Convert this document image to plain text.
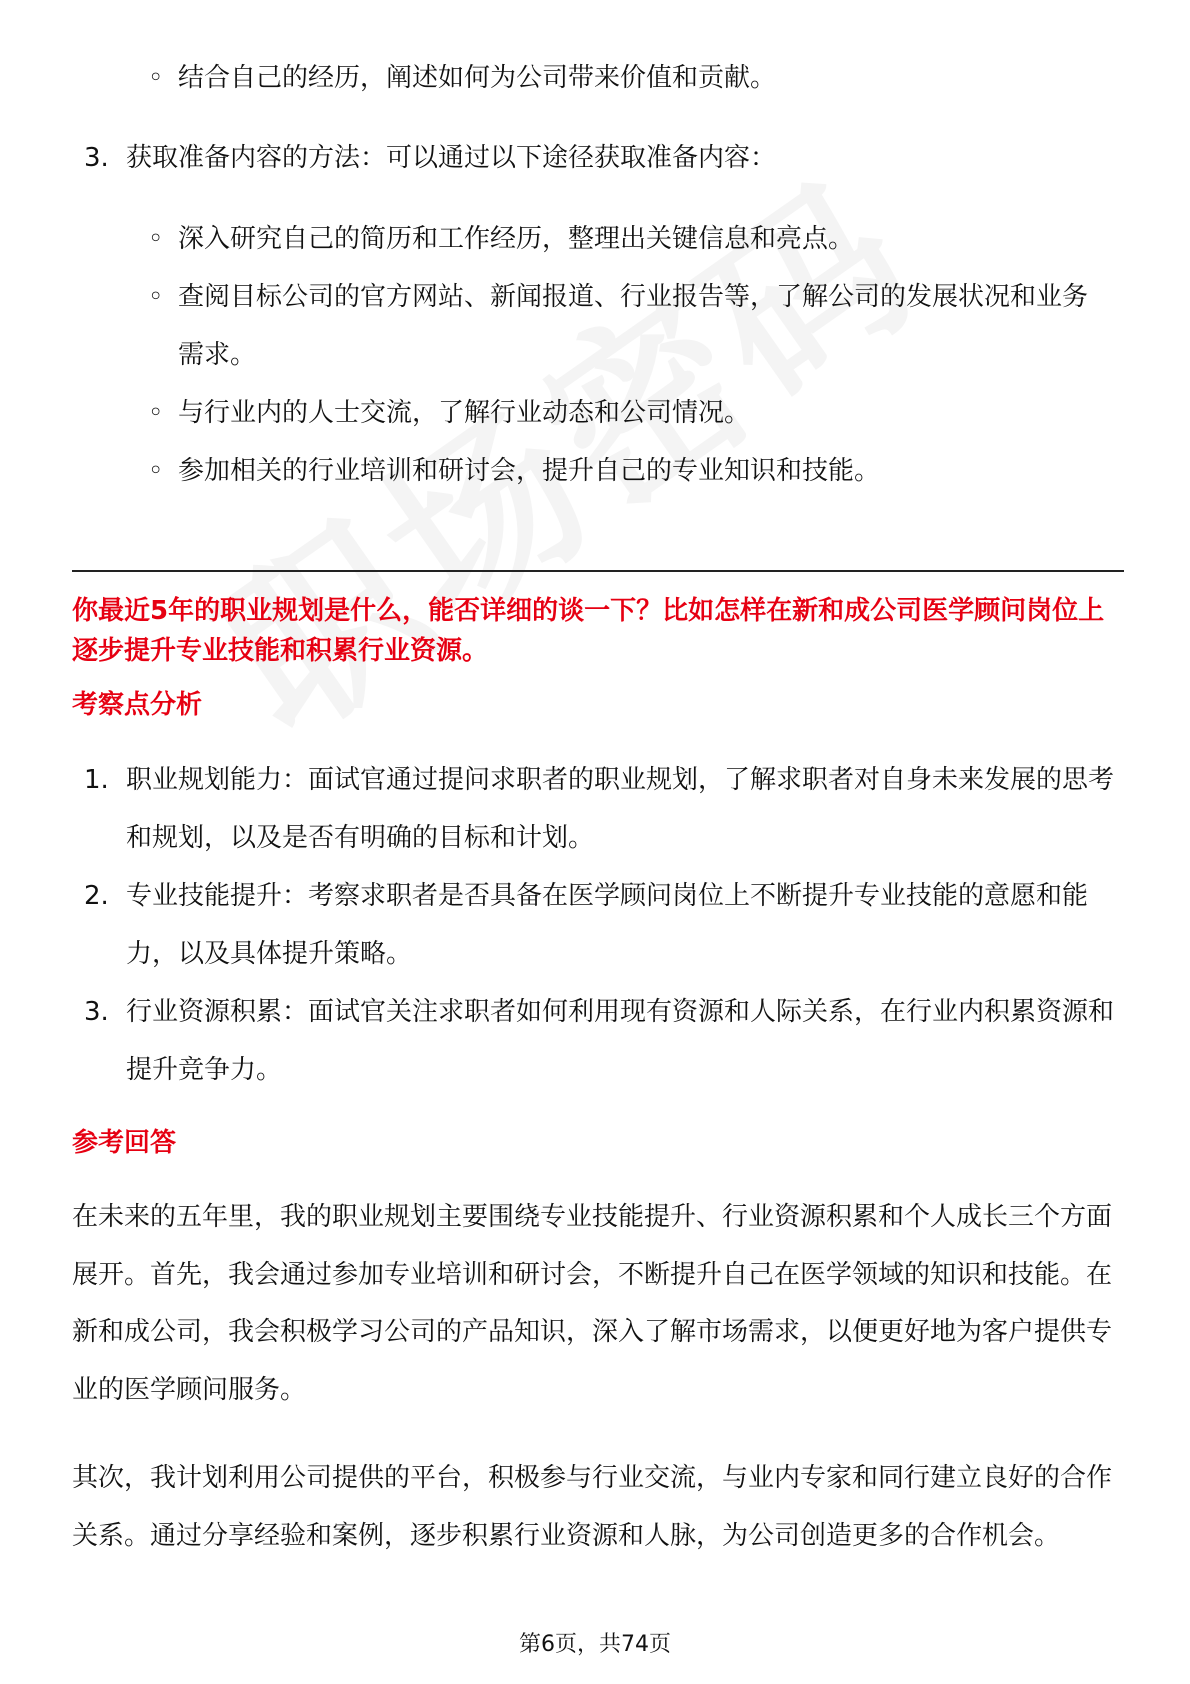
◦ 结合自己的经历，阐述如何为公司带来价值和贡献。
3. 获取准备内容的方法：可以通过以下途径获取准备内容：
◦ 深入研究自己的简历和工作经历，整理出关键信息和亮点。
◦ 查阅目标公司的官方网站、新闻报道、行业报告等，了解公司的发展状况和业务需求。
◦ 与行业内的人士交流，了解行业动态和公司情况。
◦ 参加相关的行业培训和研讨会，提升自己的专业知识和技能。
你最近5年的职业规划是什么，能否详细的谈一下？比如怎样在新和成公司医学顾问岗位上逐步提升专业技能和积累行业资源。
考察点分析
1. 职业规划能力：面试官通过提问求职者的职业规划，了解求职者对自身未来发展的思考和规划，以及是否有明确的目标和计划。
2. 专业技能提升：考察求职者是否具备在医学顾问岗位上不断提升专业技能的意愿和能力，以及具体提升策略。
3. 行业资源积累：面试官关注求职者如何利用现有资源和人际关系，在行业内积累资源和提升竞争力。
参考回答

在未来的五年里，我的职业规划主要围绕专业技能提升、行业资源积累和个人成长三个方面展开。首先，我会通过参加专业培训和研讨会，不断提升自己在医学领域的知识和技能。在新和成公司，我会积极学习公司的产品知识，深入了解市场需求，以便更好地为客户提供专业的医学顾问服务。

其次，我计划利用公司提供的平台，积极参与行业交流，与业内专家和同行建立良好的合作关系。通过分享经验和案例，逐步积累行业资源和人脉，为公司创造更多的合作机会。

第6页，共74页
